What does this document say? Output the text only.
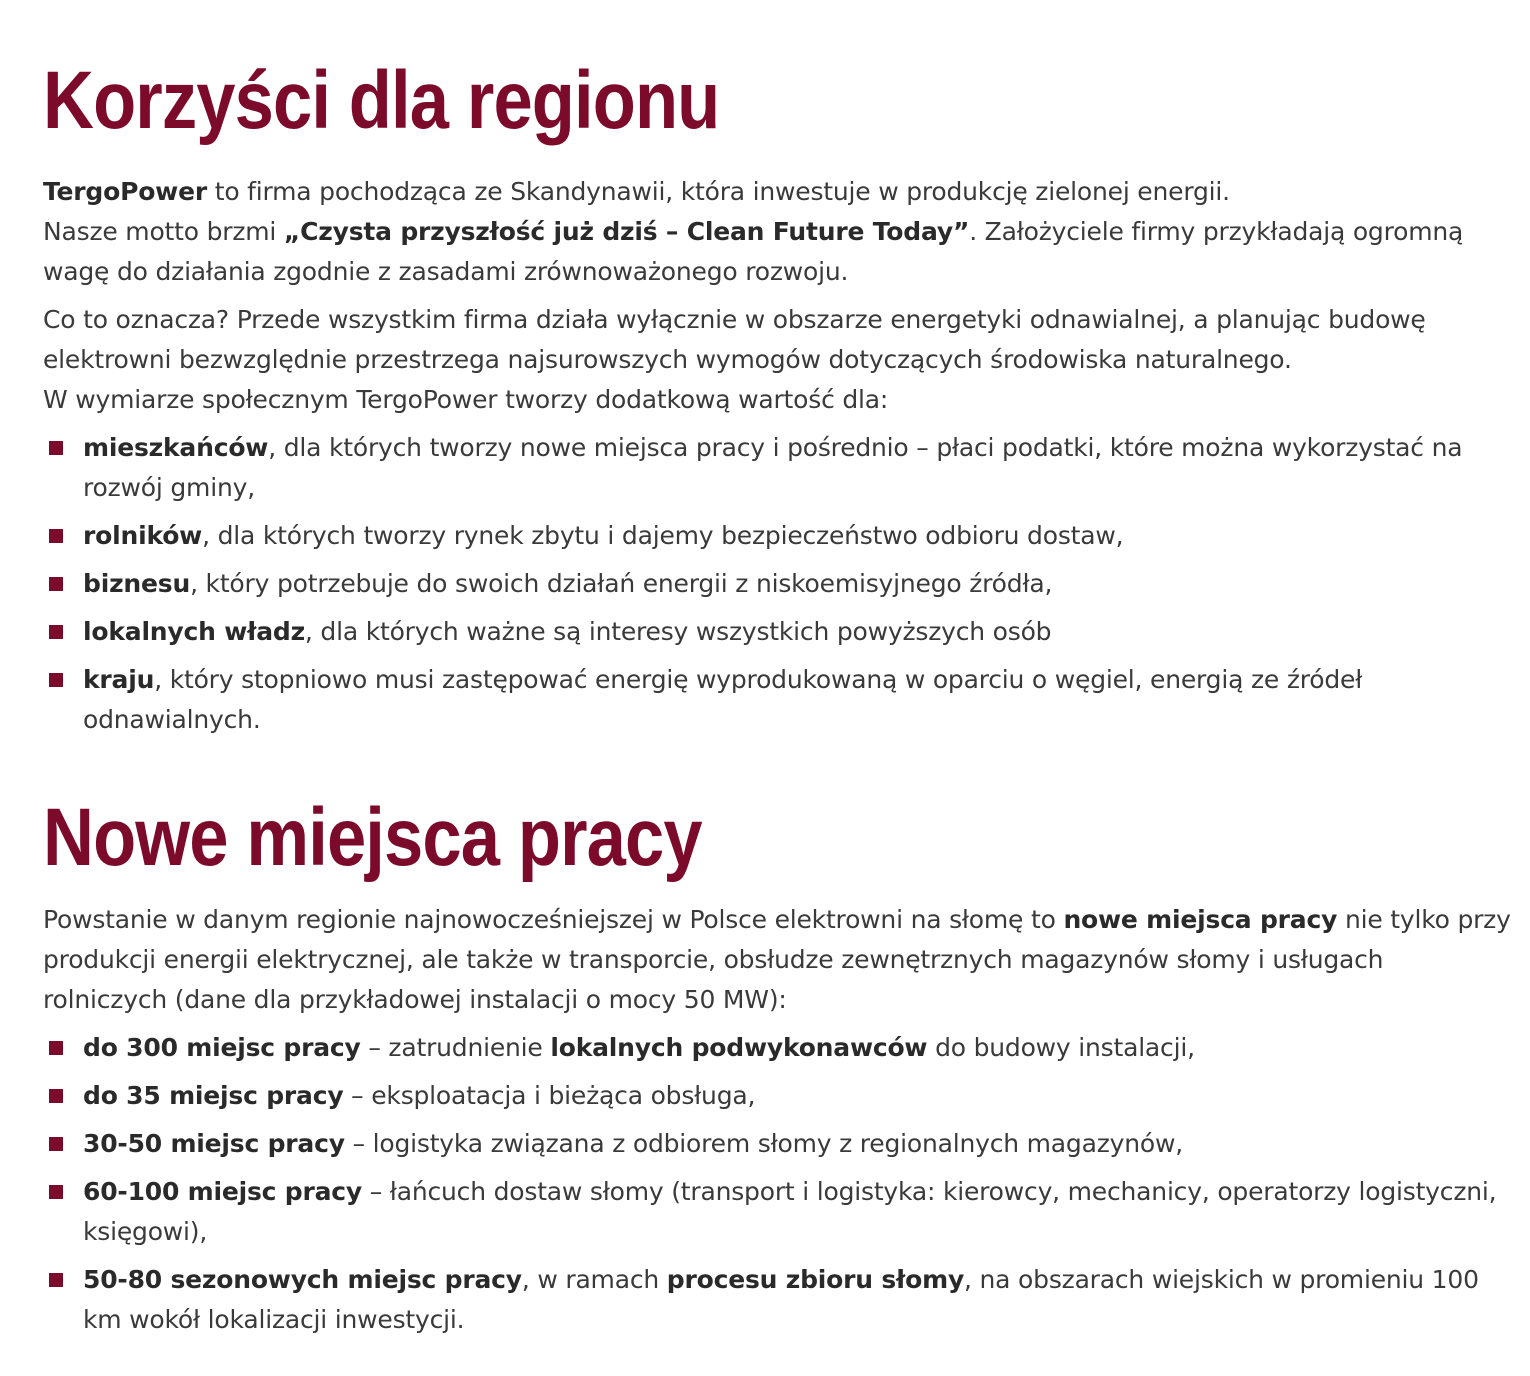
Korzyści dla regionu

TergoPower to firma pochodząca ze Skandynawii, która inwestuje w produkcję zielonej energii.

Nasze motto brzmi „Czysta przyszłość już dziś – Clean Future Today”. Założyciele firmy przykładają ogromną wagę do działania zgodnie z zasadami zrównoważonego rozwoju.

Co to oznacza? Przede wszystkim firma działa wyłącznie w obszarze energetyki odnawialnej, a planując budowę elektrowni bezwzględnie przestrzega najsurowszych wymogów dotyczących środowiska naturalnego.
W wymiarze społecznym TergoPower tworzy dodatkową wartość dla:

mieszkańców, dla których tworzy nowe miejsca pracy i pośrednio – płaci podatki, które można wykorzystać na rozwój gminy,
rolników, dla których tworzy rynek zbytu i dajemy bezpieczeństwo odbioru dostaw,
biznesu, który potrzebuje do swoich działań energii z niskoemisyjnego źródła,
lokalnych władz, dla których ważne są interesy wszystkich powyższych osób
kraju, który stopniowo musi zastępować energię wyprodukowaną w oparciu o węgiel, energią ze źródeł odnawialnych.
Nowe miejsca pracy

Powstanie w danym regionie najnowocześniejszej w Polsce elektrowni na słomę to nowe miejsca pracy nie tylko przy produkcji energii elektrycznej, ale także w transporcie, obsłudze zewnętrznych magazynów słomy i usługach rolniczych (dane dla przykładowej instalacji o mocy 50 MW):

do 300 miejsc pracy – zatrudnienie lokalnych podwykonawców do budowy instalacji,
do 35 miejsc pracy – eksploatacja i bieżąca obsługa,
30-50 miejsc pracy – logistyka związana z odbiorem słomy z regionalnych magazynów,
60-100 miejsc pracy – łańcuch dostaw słomy (transport i logistyka: kierowcy, mechanicy, operatorzy logistyczni, księgowi),
50-80 sezonowych miejsc pracy, w ramach procesu zbioru słomy, na obszarach wiejskich w promieniu 100 km wokół lokalizacji inwestycji.
